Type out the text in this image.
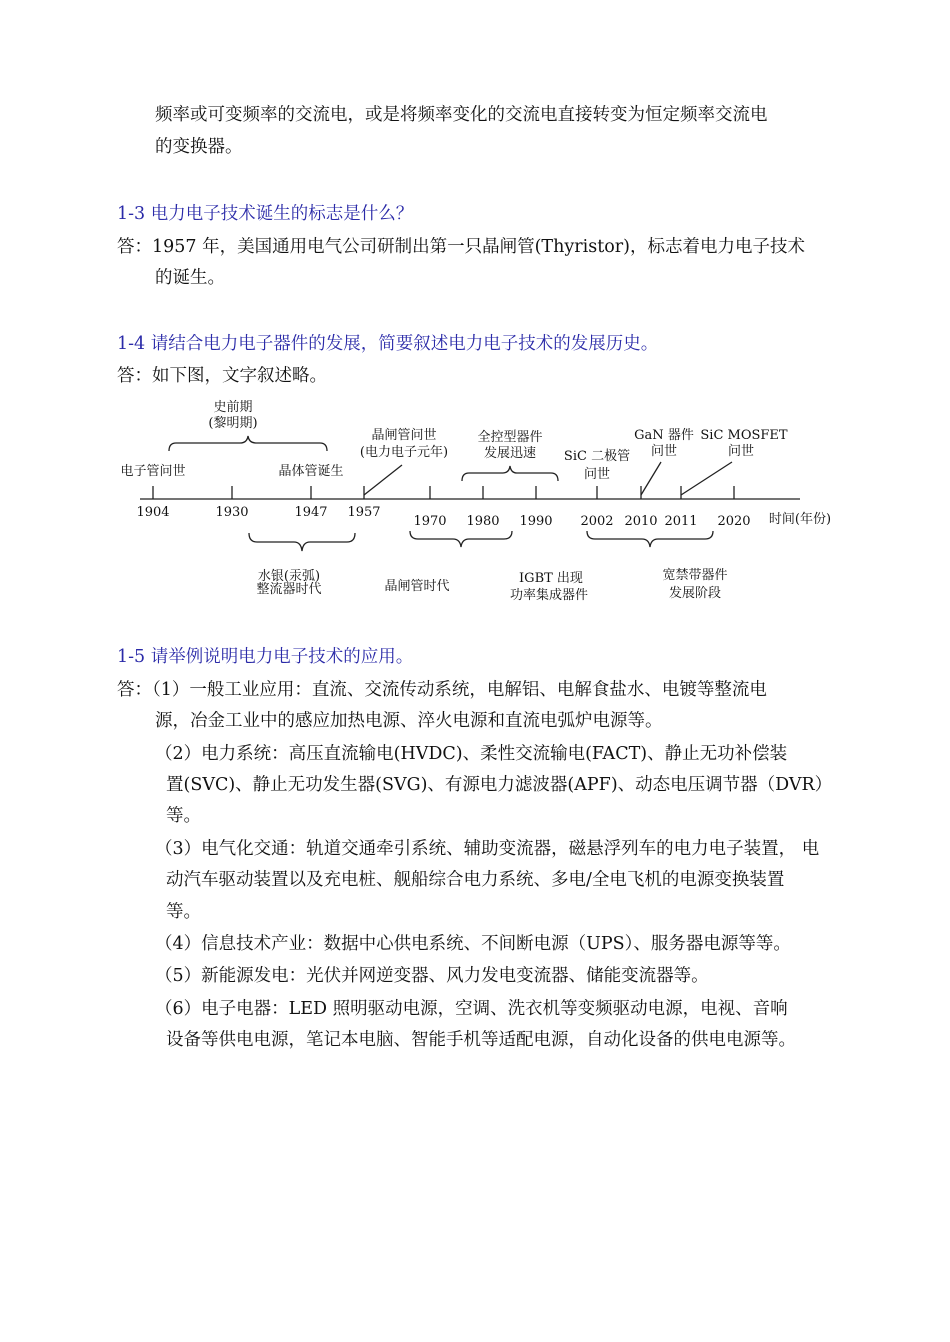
频率或可变频率的交流电，或是将频率变化的交流电直接转变为恒定频率交流电
的变换器。
1-3 电力电子技术诞生的标志是什么？
答：1957 年，美国通用电气公司研制出第一只晶闸管(Thyristor)，标志着电力电子技术
的诞生。
1-4 请结合电力电子器件的发展，简要叙述电力电子技术的发展历史。
答：如下图，文字叙述略。
1904	1930	1947 1957
1970 1980 1990 2002 2010 2011 2020 时间(年份)
史前期
(黎明期)
电子管问世	晶体管诞生
晶闸管问世
(电力电子元年)
全控型器件
发展迅速 SiC 二极管
问世
GaN 器件
问世
SiC MOSFET
问世
水银(汞弧)
整流器时代	晶闸管时代
IGBT 出现
功率集成器件
宽禁带器件
发展阶段
1-5 请举例说明电力电子技术的应用。
答：（1）一般工业应用：直流、交流传动系统，电解铝、电解食盐水、电镀等整流电
源，冶金工业中的感应加热电源、淬火电源和直流电弧炉电源等。
（2）电力系统：高压直流输电(HVDC)、柔性交流输电(FACT)、静止无功补偿装
置(SVC)、静止无功发生器(SVG)、有源电力滤波器(APF)、动态电压调节器（DVR）
等。
（3）电气化交通：轨道交通牵引系统、辅助变流器，磁悬浮列车的电力电子装置， 电
动汽车驱动装置以及充电桩、舰船综合电力系统、多电/全电飞机的电源变换装置
等。
（4）信息技术产业：数据中心供电系统、不间断电源（UPS）、服务器电源等等。
（5）新能源发电：光伏并网逆变器、风力发电变流器、储能变流器等。
（6）电子电器：LED 照明驱动电源，空调、洗衣机等变频驱动电源，电视、音响
设备等供电电源，笔记本电脑、智能手机等适配电源，自动化设备的供电电源等。
